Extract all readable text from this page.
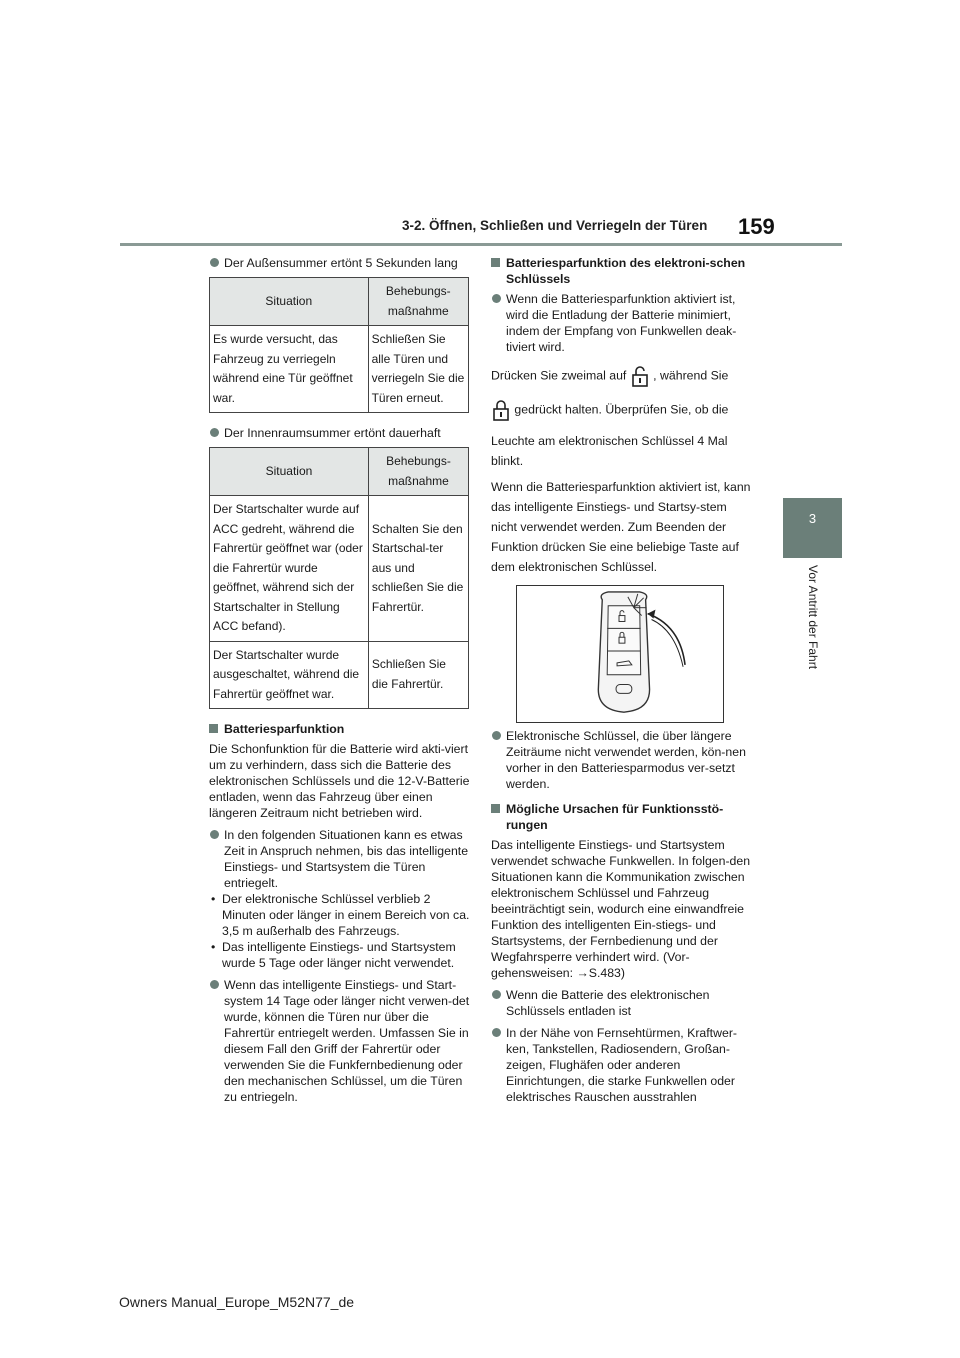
3-2. Öffnen, Schließen und Verriegeln der Türen 159
3
Vor Antritt der Fahrt

Der Außensummer ertönt 5 Sekunden lang

Situation	Behebungs-maßnahme
Es wurde versucht, das Fahrzeug zu verriegeln während eine Tür geöffnet war.	Schließen Sie alle Türen und verriegeln Sie die Türen erneut.

Der Innenraumsummer ertönt dauerhaft

Situation	Behebungs-maßnahme
Der Startschalter wurde auf ACC gedreht, während die Fahrertür geöffnet war (oder die Fahrertür wurde geöffnet, während sich der Startschalter in Stellung ACC befand).	Schalten Sie den Startschal-ter aus und schließen Sie die Fahrertür.
Der Startschalter wurde ausgeschaltet, während die Fahrertür geöffnet war.	Schließen Sie die Fahrertür.

Batteriesparfunktion

Die Schonfunktion für die Batterie wird akti-viert um zu verhindern, dass sich die Batterie des elektronischen Schlüssels und die 12-V-Batterie entladen, wenn das Fahrzeug über einen längeren Zeitraum nicht betrieben wird.

In den folgenden Situationen kann es etwas Zeit in Anspruch nehmen, bis das intelligente Einstiegs- und Startsystem die Türen entriegelt.

• Der elektronische Schlüssel verblieb 2 Minuten oder länger in einem Bereich von ca. 3,5 m außerhalb des Fahrzeugs.

• Das intelligente Einstiegs- und Startsystem wurde 5 Tage oder länger nicht verwendet.

Wenn das intelligente Einstiegs- und Start-system 14 Tage oder länger nicht verwen-det wurde, können die Türen nur über die Fahrertür entriegelt werden. Umfassen Sie in diesem Fall den Griff der Fahrertür oder verwenden Sie die Funkfernbedienung oder den mechanischen Schlüssel, um die Türen zu entriegeln.

Batteriesparfunktion des elektroni-schen Schlüssels

Wenn die Batteriesparfunktion aktiviert ist, wird die Entladung der Batterie minimiert, indem der Empfang von Funkwellen deak-tiviert wird.

Drücken Sie zweimal auf , während Sie

gedrückt halten. Überprüfen Sie, ob die

Leuchte am elektronischen Schlüssel 4 Mal blinkt.

Wenn die Batteriesparfunktion aktiviert ist, kann das intelligente Einstiegs- und Startsy-stem nicht verwendet werden. Zum Beenden der Funktion drücken Sie eine beliebige Taste auf dem elektronischen Schlüssel.

Elektronische Schlüssel, die über längere Zeiträume nicht verwendet werden, kön-nen vorher in den Batteriesparmodus ver-setzt werden.

Mögliche Ursachen für Funktionsstö-rungen

Das intelligente Einstiegs- und Startsystem verwendet schwache Funkwellen. In folgen-den Situationen kann die Kommunikation zwischen elektronischem Schlüssel und Fahrzeug beeinträchtigt sein, wodurch eine einwandfreie Funktion des intelligenten Ein-stiegs- und Startsystems, der Fernbedienung und der Wegfahrsperre verhindert wird. (Vor-gehensweisen: →S.483)

Wenn die Batterie des elektronischen Schlüssels entladen ist

In der Nähe von Fernsehtürmen, Kraftwer-ken, Tankstellen, Radiosendern, Großan-zeigen, Flughäfen oder anderen Einrichtungen, die starke Funkwellen oder elektrisches Rauschen ausstrahlen

Owners Manual_Europe_M52N77_de
